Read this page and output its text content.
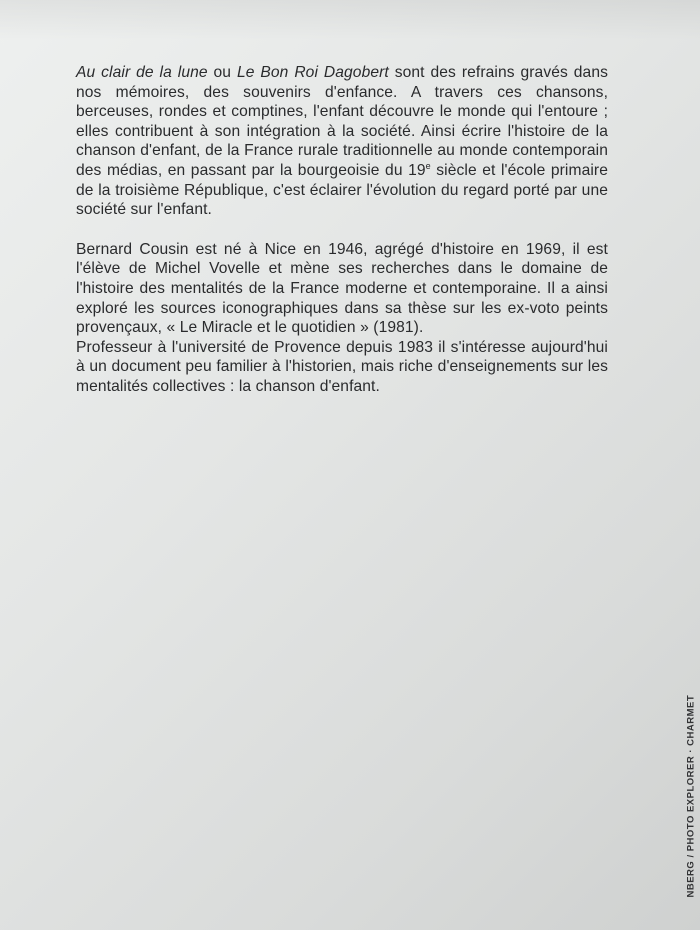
Au clair de la lune ou Le Bon Roi Dagobert sont des refrains gravés dans nos mémoires, des souvenirs d'enfance. A travers ces chansons, berceuses, rondes et comptines, l'enfant découvre le monde qui l'entoure ; elles contribuent à son intégration à la société. Ainsi écrire l'histoire de la chanson d'enfant, de la France rurale traditionnelle au monde contemporain des médias, en passant par la bourgeoisie du 19e siècle et l'école primaire de la troisième République, c'est éclairer l'évolution du regard porté par une société sur l'enfant.

Bernard Cousin est né à Nice en 1946, agrégé d'histoire en 1969, il est l'élève de Michel Vovelle et mène ses recherches dans le domaine de l'histoire des mentalités de la France moderne et contemporaine. Il a ainsi exploré les sources iconographiques dans sa thèse sur les ex-voto peints provençaux, « Le Miracle et le quotidien » (1981).

Professeur à l'université de Provence depuis 1983 il s'intéresse aujourd'hui à un document peu familier à l'historien, mais riche d'enseignements sur les mentalités collectives : la chanson d'enfant.

NBERG / PHOTO EXPLORER · CHARMET
